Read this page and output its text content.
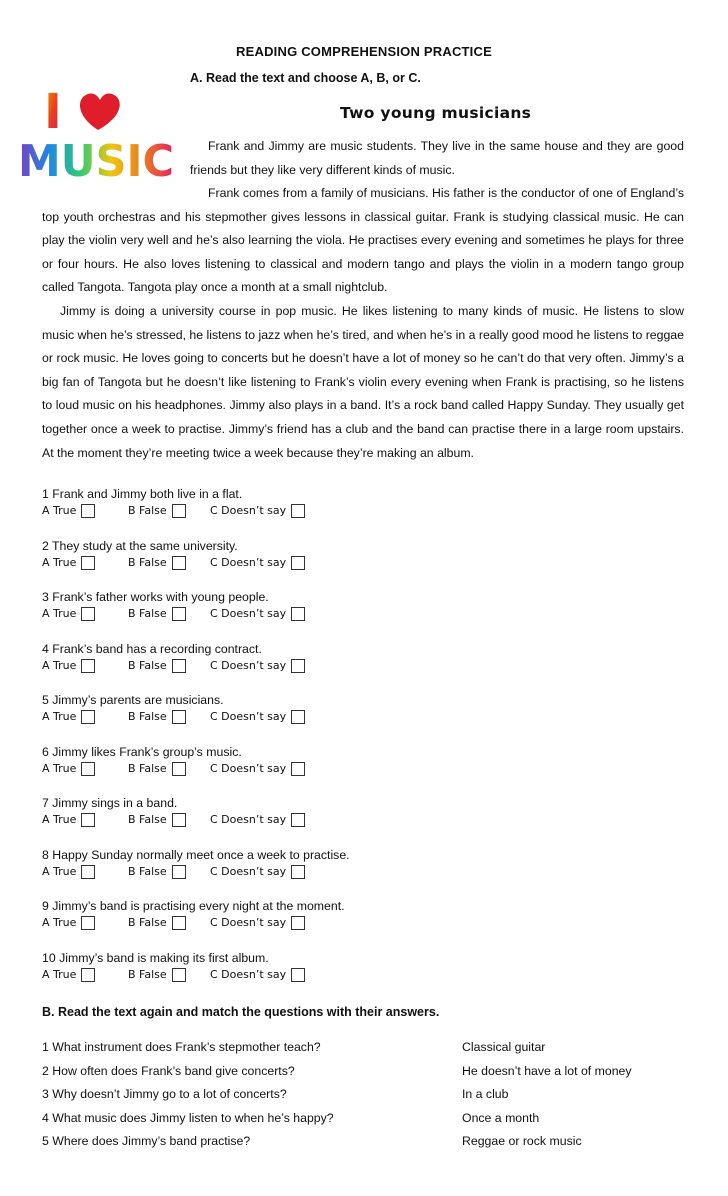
READING COMPREHENSION PRACTICE
A. Read the text and choose A, B, or C.
I
MUSIC
Two young musicians
Frank and Jimmy are music students. They live in the same house and they are good friends but they like very different kinds of music.
Frank comes from a family of musicians. His father is the conductor of one of England’s top youth orchestras and his stepmother gives lessons in classical guitar. Frank is studying classical music. He can play the violin very well and he’s also learning the viola. He practises every evening and sometimes he plays for three or four hours. He also loves listening to classical and modern tango and plays the violin in a modern tango group called Tangota. Tangota play once a month at a small nightclub.
Jimmy is doing a university course in pop music. He likes listening to many kinds of music. He listens to slow music when he’s stressed, he listens to jazz when he’s tired, and when he’s in a really good mood he listens to reggae or rock music. He loves going to concerts but he doesn’t have a lot of money so he can’t do that very often. Jimmy’s a big fan of Tangota but he doesn’t like listening to Frank’s violin every evening when Frank is practising, so he listens to loud music on his headphones. Jimmy also plays in a band. It’s a rock band called Happy Sunday. They usually get together once a week to practise. Jimmy’s friend has a club and the band can practise there in a large room upstairs. At the moment they’re meeting twice a week because they’re making an album.
1 Frank and Jimmy both live in a flat.
A True	B False	C Doesn’t say
2 They study at the same university.
A True	B False	C Doesn’t say
3 Frank’s father works with young people.
A True	B False	C Doesn’t say
4 Frank’s band has a recording contract.
A True	B False	C Doesn’t say
5 Jimmy’s parents are musicians.
A True	B False	C Doesn’t say
6 Jimmy likes Frank’s group’s music.
A True	B False	C Doesn’t say
7 Jimmy sings in a band.
A True	B False	C Doesn’t say
8 Happy Sunday normally meet once a week to practise.
A True	B False	C Doesn’t say
9 Jimmy’s band is practising every night at the moment.
A True	B False	C Doesn’t say
10 Jimmy’s band is making its first album.
A True	B False	C Doesn’t say
B. Read the text again and match the questions with their answers.
1 What instrument does Frank’s stepmother teach?	Classical guitar
2 How often does Frank’s band give concerts?	He doesn’t have a lot of money
3 Why doesn’t Jimmy go to a lot of concerts?	In a club
4 What music does Jimmy listen to when he’s happy?	Once a month
5 Where does Jimmy’s band practise?	Reggae or rock music
